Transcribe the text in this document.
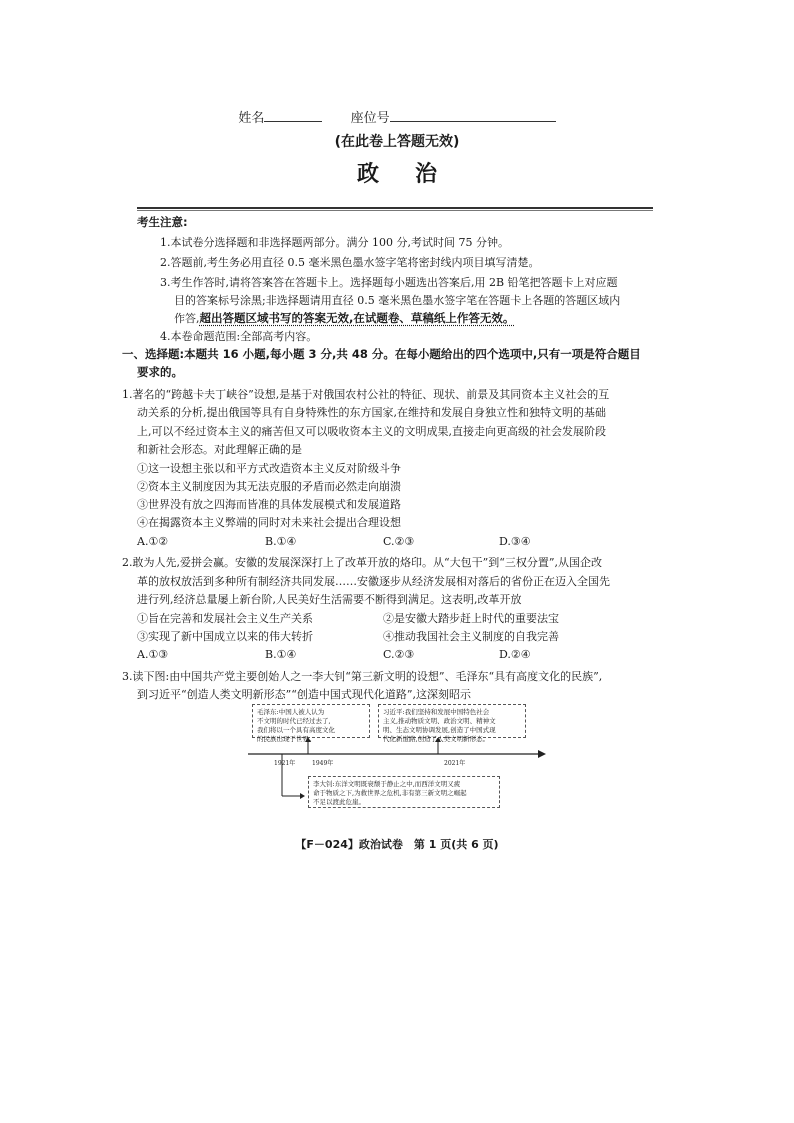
姓名	座位号
(在此卷上答题无效)
政治
考生注意:
1.本试卷分选择题和非选择题两部分。满分 100 分,考试时间 75 分钟。
2.答题前,考生务必用直径 0.5 毫米黑色墨水签字笔将密封线内项目填写清楚。
3.考生作答时,请将答案答在答题卡上。选择题每小题选出答案后,用 2B 铅笔把答题卡上对应题
目的答案标号涂黑;非选择题请用直径 0.5 毫米黑色墨水签字笔在答题卡上各题的答题区域内
作答,超出答题区域书写的答案无效,在试题卷、草稿纸上作答无效。
4.本卷命题范围:全部高考内容。
一、选择题:本题共 16 小题,每小题 3 分,共 48 分。在每小题给出的四个选项中,只有一项是符合题目
要求的。
1.著名的“跨越卡夫丁峡谷”设想,是基于对俄国农村公社的特征、现状、前景及其同资本主义社会的互
动关系的分析,提出俄国等具有自身特殊性的东方国家,在维持和发展自身独立性和独特文明的基础
上,可以不经过资本主义的痛苦但又可以吸收资本主义的文明成果,直接走向更高级的社会发展阶段
和新社会形态。对此理解正确的是
①这一设想主张以和平方式改造资本主义反对阶级斗争
②资本主义制度因为其无法克服的矛盾而必然走向崩溃
③世界没有放之四海而皆准的具体发展模式和发展道路
④在揭露资本主义弊端的同时对未来社会提出合理设想
A.①②	B.①④	C.②③	D.③④
2.敢为人先,爱拼会赢。安徽的发展深深打上了改革开放的烙印。从“大包干”到“三权分置”,从国企改
革的放权放活到多种所有制经济共同发展……安徽逐步从经济发展相对落后的省份正在迈入全国先
进行列,经济总量屡上新台阶,人民美好生活需要不断得到满足。这表明,改革开放
①旨在完善和发展社会主义生产关系	②是安徽大踏步赶上时代的重要法宝
③实现了新中国成立以来的伟大转折	④推动我国社会主义制度的自我完善
A.①③	B.①④	C.②③	D.②④
3.读下图:由中国共产党主要创始人之一李大钊“第三新文明的设想”、毛泽东“具有高度文化的民族”,
到习近平“创造人类文明新形态”“创造中国式现代化道路”,这深刻昭示
毛泽东:中国人被人认为
不文明的时代已经过去了,
我们将以一个具有高度文化
的民族出现于世界。
习近平:我们坚持和发展中国特色社会
主义,推动物质文明、政治文明、精神文
明、生态文明协调发展,创造了中国式现
代化新道路,创造了人类文明新形态。
李大钊:东洋文明既衰颓于静止之中,而西洋文明又疲
命于物质之下,为救世界之危机,非有第三新文明之崛起
不足以渡此危崖。
1921年	1949年	2021年
【F－024】政治试卷　第 1 页(共 6 页)
